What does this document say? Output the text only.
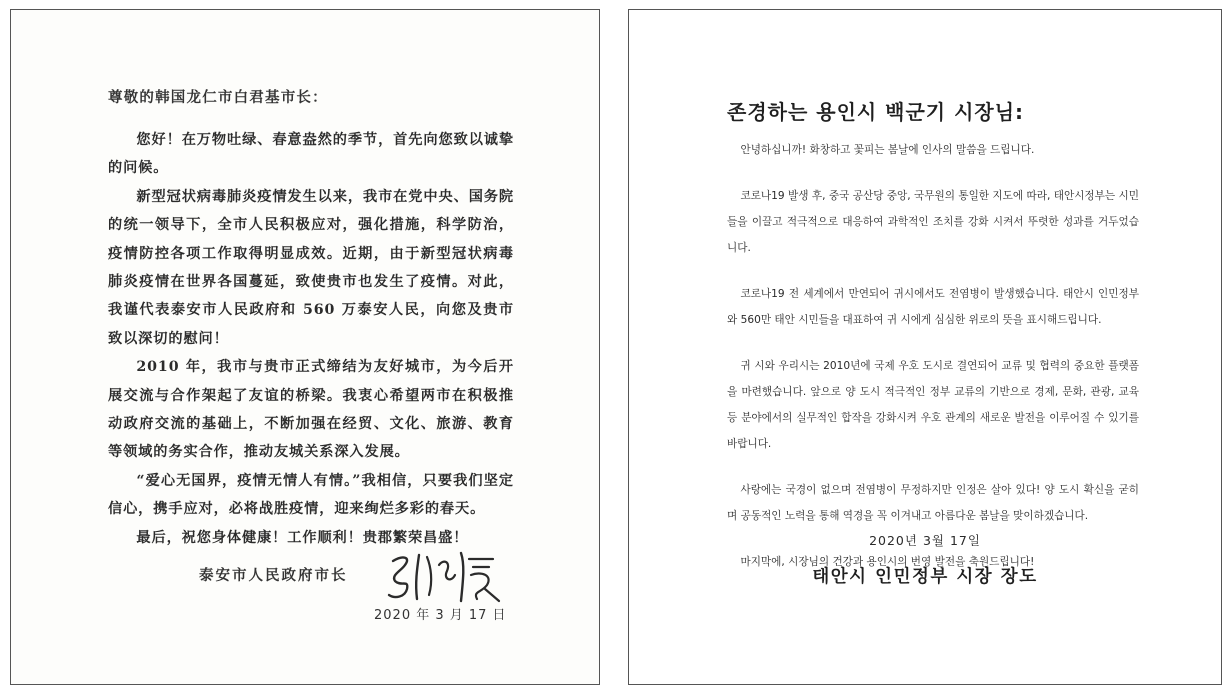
尊敬的韩国龙仁市白君基市长：

您好！在万物吐绿、春意盎然的季节，首先向您致以诚挚的问候。

新型冠状病毒肺炎疫情发生以来，我市在党中央、国务院的统一领导下，全市人民积极应对，强化措施，科学防治，疫情防控各项工作取得明显成效。近期，由于新型冠状病毒肺炎疫情在世界各国蔓延，致使贵市也发生了疫情。对此，我谨代表泰安市人民政府和 560 万泰安人民，向您及贵市致以深切的慰问！

2010 年，我市与贵市正式缔结为友好城市，为今后开展交流与合作架起了友谊的桥梁。我衷心希望两市在积极推动政府交流的基础上，不断加强在经贸、文化、旅游、教育等领域的务实合作，推动友城关系深入发展。

“爱心无国界，疫情无情人有情。”我相信，只要我们坚定信心，携手应对，必将战胜疫情，迎来绚烂多彩的春天。

最后，祝您身体健康！工作顺利！贵郡繁荣昌盛！

泰安市人民政府市长
2020 年 3 月 17 日
존경하는 용인시 백군기 시장님:

안녕하십니까! 화창하고 꽃피는 봄날에 인사의 말씀을 드립니다.

코로나19 발생 후, 중국 공산당 중앙, 국무원의 통일한 지도에 따라, 태안시정부는 시민들을 이끌고 적극적으로 대응하여 과학적인 조치를 강화 시켜서 뚜렷한 성과를 거두었습니다.

코로나19 전 세계에서 만연되어 귀시에서도 전염병이 발생했습니다. 태안시 인민정부와 560만 태안 시민들을 대표하여 귀 시에게 심심한 위로의 뜻을 표시해드립니다.

귀 시와 우리시는 2010년에 국제 우호 도시로 결연되어 교류 및 협력의 중요한 플랫폼을 마련했습니다. 앞으로 양 도시 적극적인 정부 교류의 기반으로 경제, 문화, 관광, 교육 등 분야에서의 실무적인 합작을 강화시켜 우호 관계의 새로운 발전을 이루어질 수 있기를 바랍니다.

사랑에는 국경이 없으며 전염병이 무정하지만 인정은 살아 있다! 양 도시 확신을 굳히며 공동적인 노력을 통해 역경을 꼭 이겨내고 아름다운 봄날을 맞이하겠습니다.

마지막에, 시장님의 건강과 용인시의 번영 발전을 축원드립니다!

2020년 3월 17일
태안시 인민정부 시장 장도
